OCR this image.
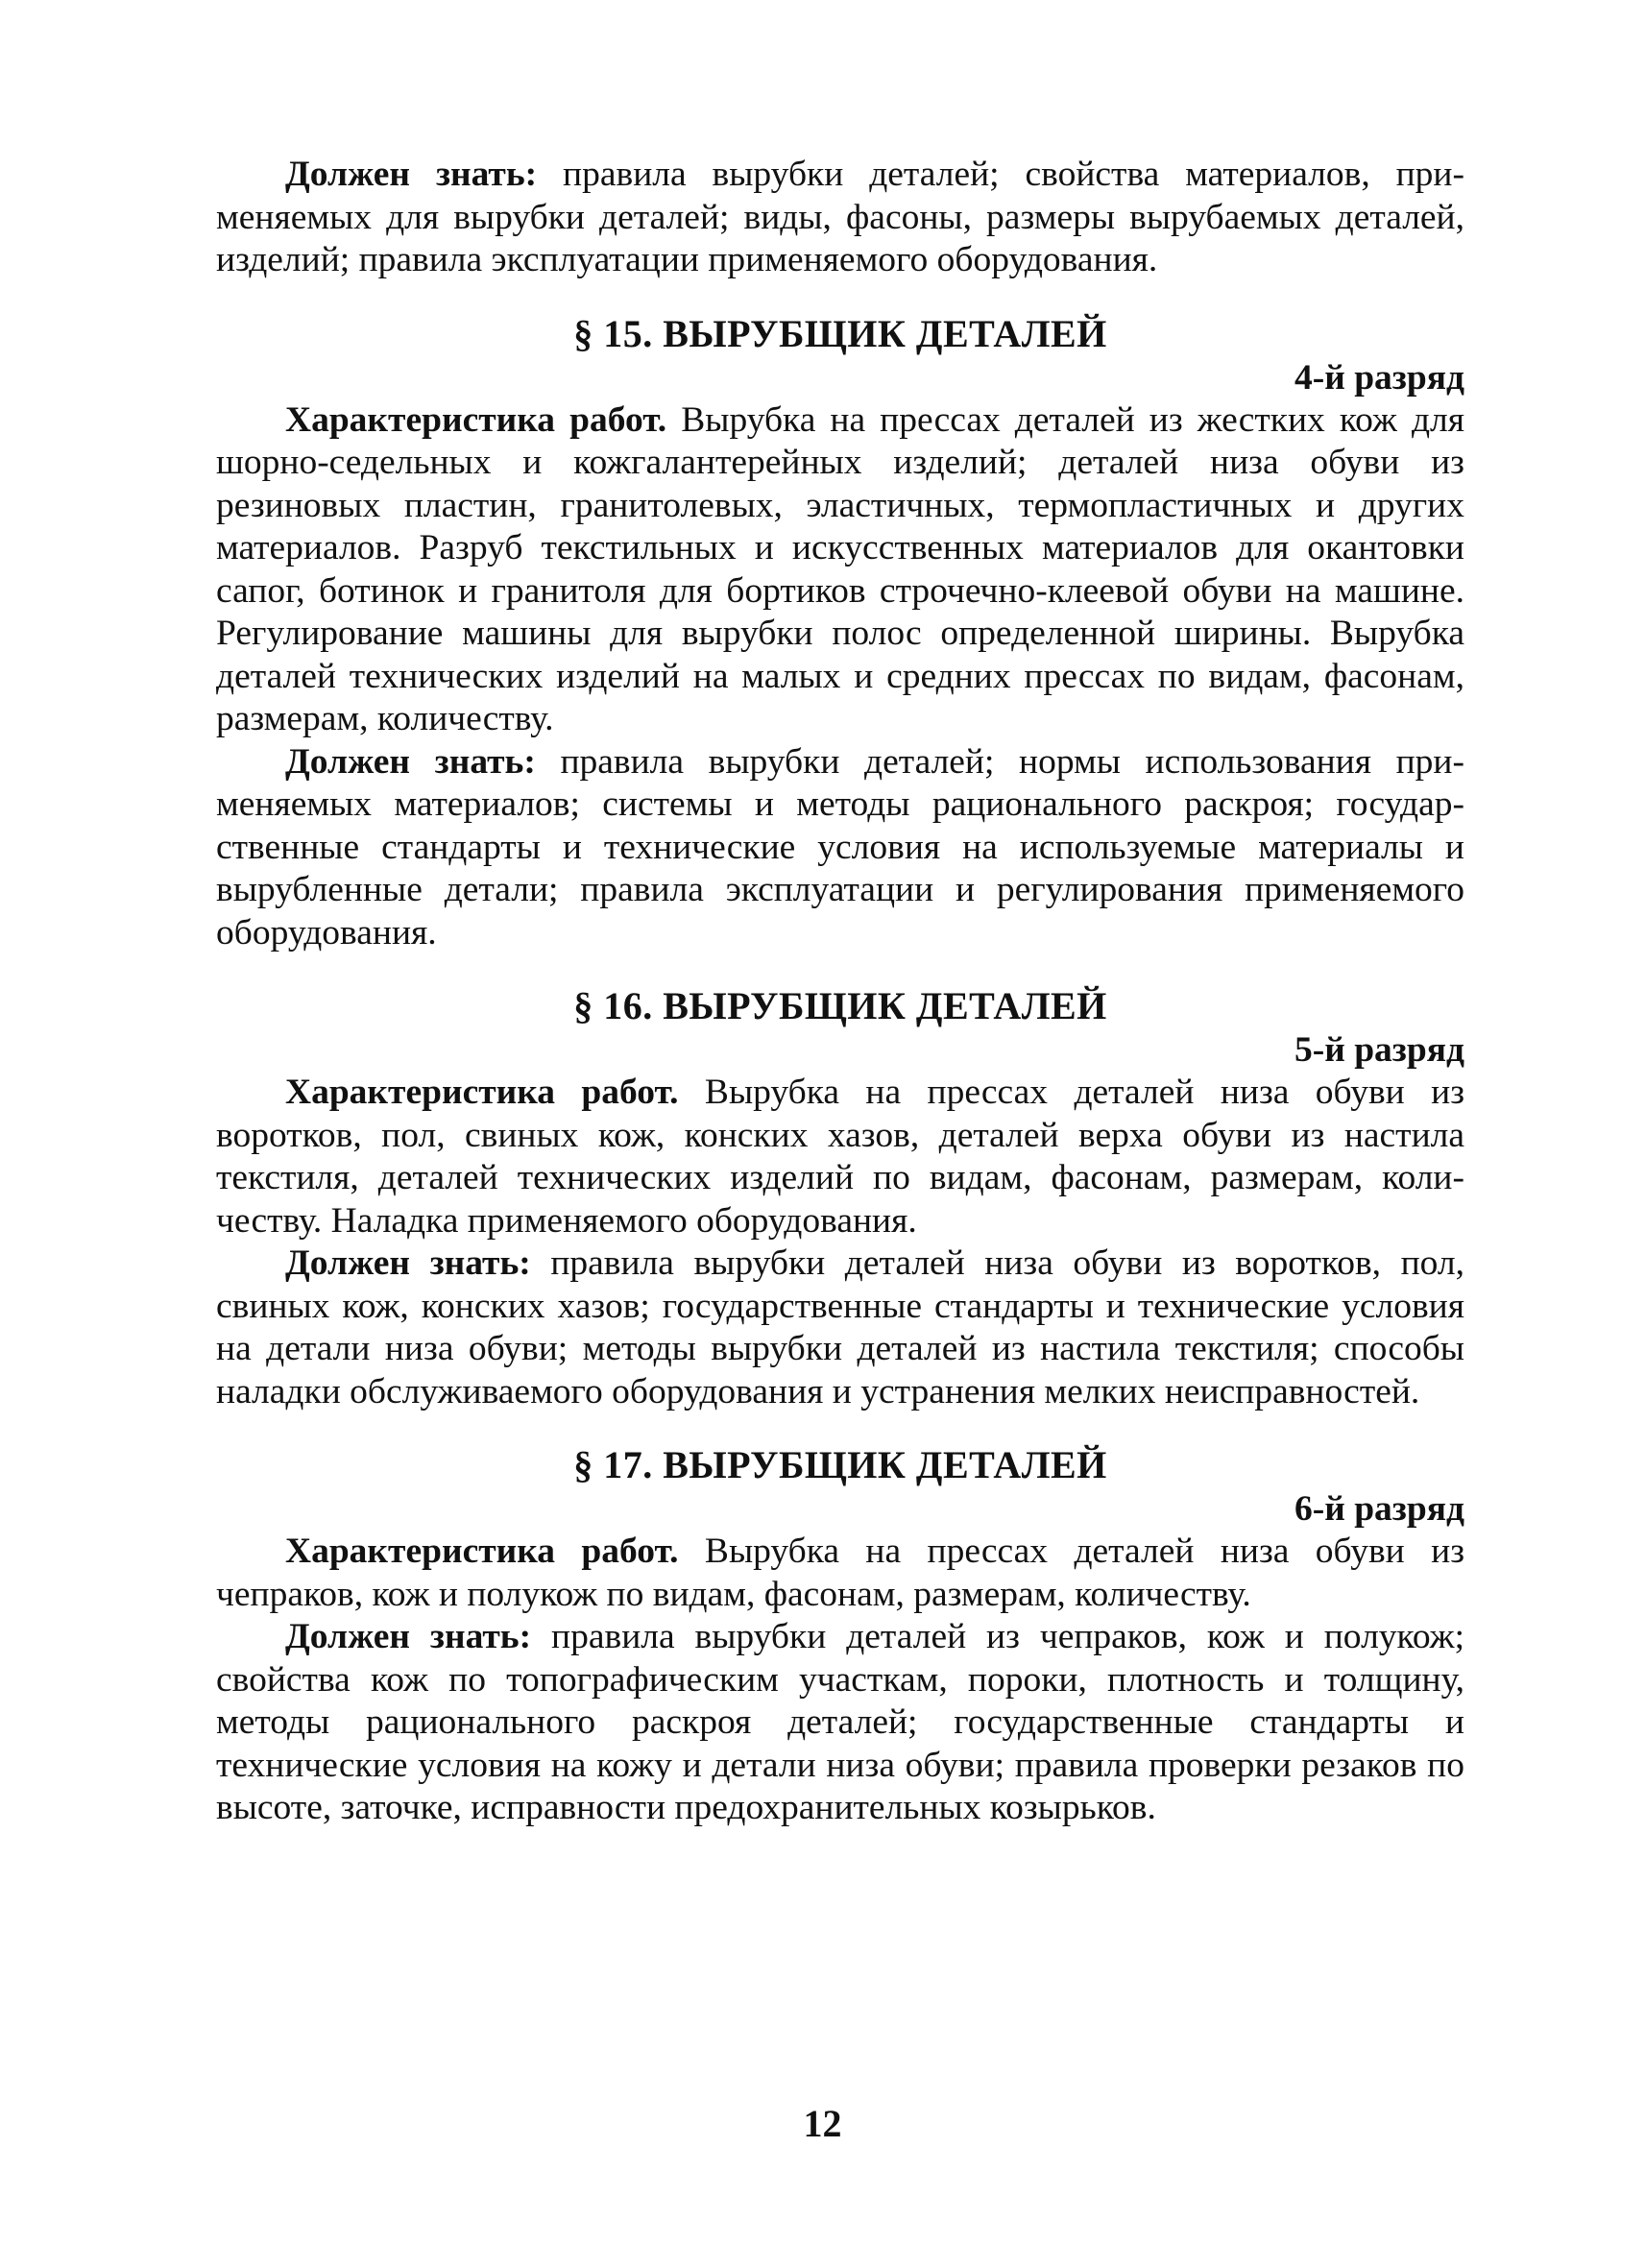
Должен знать: правила вырубки деталей; свойства материалов, применяемых для вырубки деталей; виды, фасоны, размеры вырубаемых деталей, изделий; правила эксплуатации применяемого оборудования.

§ 15. ВЫРУБЩИК ДЕТАЛЕЙ
4-й разряд

Характеристика работ. Вырубка на прессах деталей из жестких кож для шорно-седельных и кожгалантерейных изделий; деталей низа обуви из резиновых пластин, гранитолевых, эластичных, термопластичных и других материалов. Разруб текстильных и искусственных материалов для окантовки сапог, ботинок и гранитоля для бортиков строчечно-клеевой обуви на машине. Регулирование машины для вырубки полос определенной ширины. Вырубка деталей технических изделий на малых и средних прессах по видам, фасонам, размерам, количеству.

Должен знать: правила вырубки деталей; нормы использования применяемых материалов; системы и методы рационального раскроя; государственные стандарты и технические условия на используемые материалы и вырубленные детали; правила эксплуатации и регулирования применяемого оборудования.

§ 16. ВЫРУБЩИК ДЕТАЛЕЙ
5-й разряд

Характеристика работ. Вырубка на прессах деталей низа обуви из воротков, пол, свиных кож, конских хазов, деталей верха обуви из настила текстиля, деталей технических изделий по видам, фасонам, размерам, количеству. Наладка применяемого оборудования.

Должен знать: правила вырубки деталей низа обуви из воротков, пол, свиных кож, конских хазов; государственные стандарты и технические условия на детали низа обуви; методы вырубки деталей из настила текстиля; способы наладки обслуживаемого оборудования и устранения мелких неисправностей.

§ 17. ВЫРУБЩИК ДЕТАЛЕЙ
6-й разряд

Характеристика работ. Вырубка на прессах деталей низа обуви из чепраков, кож и полукож по видам, фасонам, размерам, количеству.

Должен знать: правила вырубки деталей из чепраков, кож и полукож; свойства кож по топографическим участкам, пороки, плотность и толщину, методы рационального раскроя деталей; государственные стандарты и технические условия на кожу и детали низа обуви; правила проверки резаков по высоте, заточке, исправности предохранительных козырьков.

12
